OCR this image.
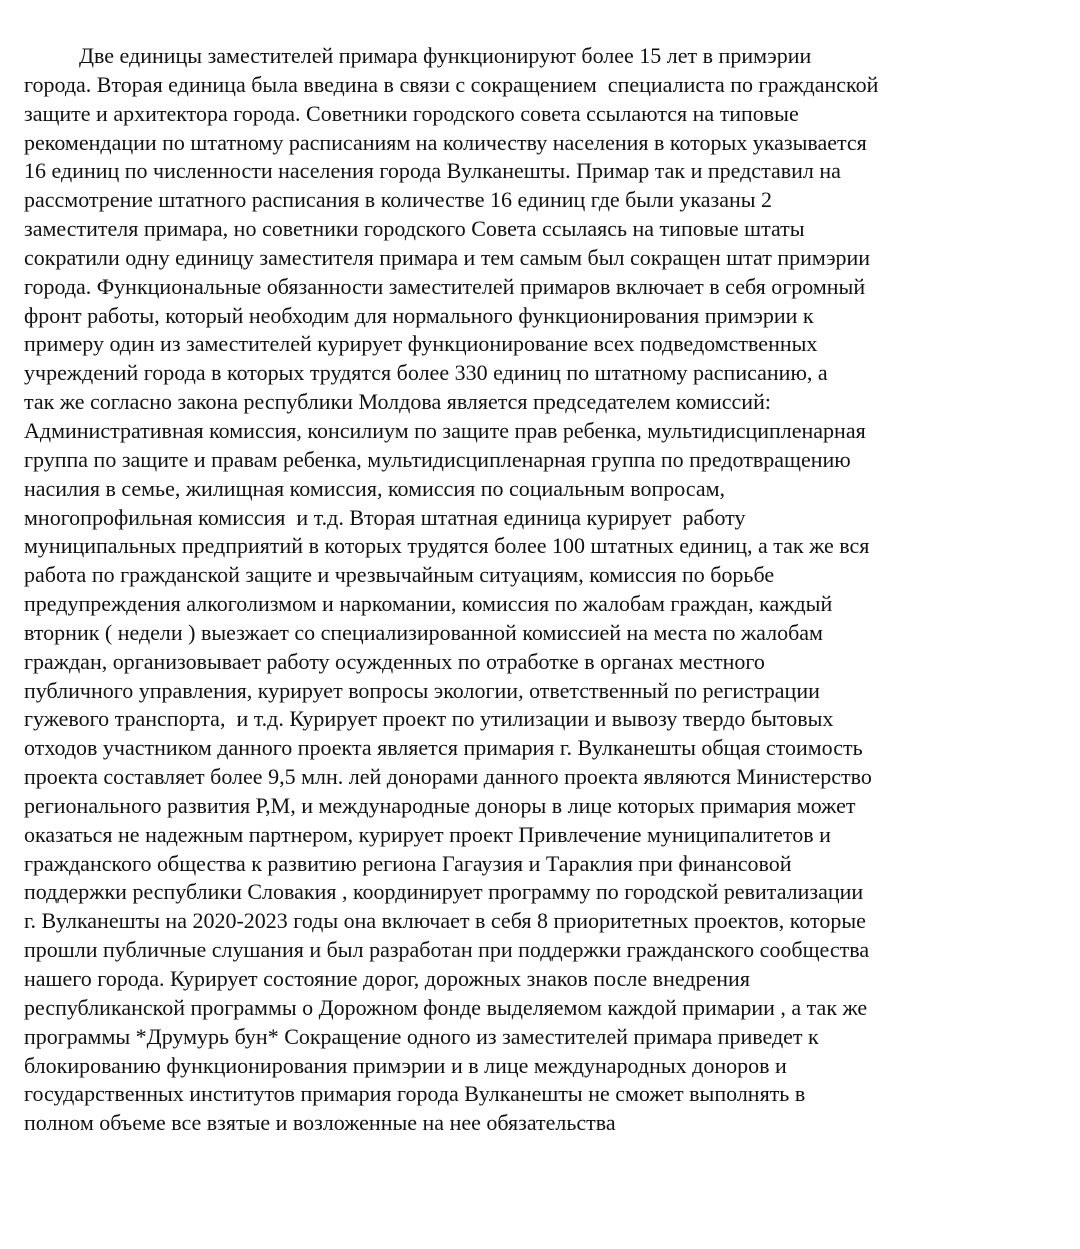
Две единицы заместителей примара функционируют более 15 лет в примэрии
города. Вторая единица была введина в связи с сокращением  специалиста по гражданской
защите и архитектора города. Советники городского совета ссылаются на типовые
рекомендации по штатному расписаниям на количеству населения в которых указывается
16 единиц по численности населения города Вулканешты. Примар так и представил на
рассмотрение штатного расписания в количестве 16 единиц где были указаны 2
заместителя примара, но советники городского Совета ссылаясь на типовые штаты
сократили одну единицу заместителя примара и тем самым был сокращен штат примэрии
города. Функциональные обязанности заместителей примаров включает в себя огромный
фронт работы, который необходим для нормального функционирования примэрии к
примеру один из заместителей курирует функционирование всех подведомственных
учреждений города в которых трудятся более 330 единиц по штатному расписанию, а
так же согласно закона республики Молдова является председателем комиссий:
Административная комиссия, консилиум по защите прав ребенка, мультидисципленарная
группа по защите и правам ребенка, мультидисципленарная группа по предотвращению
насилия в семье, жилищная комиссия, комиссия по социальным вопросам,
многопрофильная комиссия  и т.д. Вторая штатная единица курирует  работу
муниципальных предприятий в которых трудятся более 100 штатных единиц, а так же вся
работа по гражданской защите и чрезвычайным ситуациям, комиссия по борьбе
предупреждения алкоголизмом и наркомании, комиссия по жалобам граждан, каждый
вторник ( недели ) выезжает со специализированной комиссией на места по жалобам
граждан, организовывает работу осужденных по отработке в органах местного
публичного управления, курирует вопросы экологии, ответственный по регистрации
гужевого транспорта,  и т.д. Курирует проект по утилизации и вывозу твердо бытовых
отходов участником данного проекта является примария г. Вулканешты общая стоимость
проекта составляет более 9,5 млн. лей донорами данного проекта являются Министерство
регионального развития Р,М, и международные доноры в лице которых примария может
оказаться не надежным партнером, курирует проект Привлечение муниципалитетов и
гражданского общества к развитию региона Гагаузия и Тараклия при финансовой
поддержки республики Словакия , координирует программу по городской ревитализации
г. Вулканешты на 2020-2023 годы она включает в себя 8 приоритетных проектов, которые
прошли публичные слушания и был разработан при поддержки гражданского сообщества
нашего города. Курирует состояние дорог, дорожных знаков после внедрения
республиканской программы о Дорожном фонде выделяемом каждой примарии , а так же
программы *Друмурь бун* Сокращение одного из заместителей примара приведет к
блокированию функционирования примэрии и в лице международных доноров и
государственных институтов примария города Вулканешты не сможет выполнять в
полном объеме все взятые и возложенные на нее обязательства
